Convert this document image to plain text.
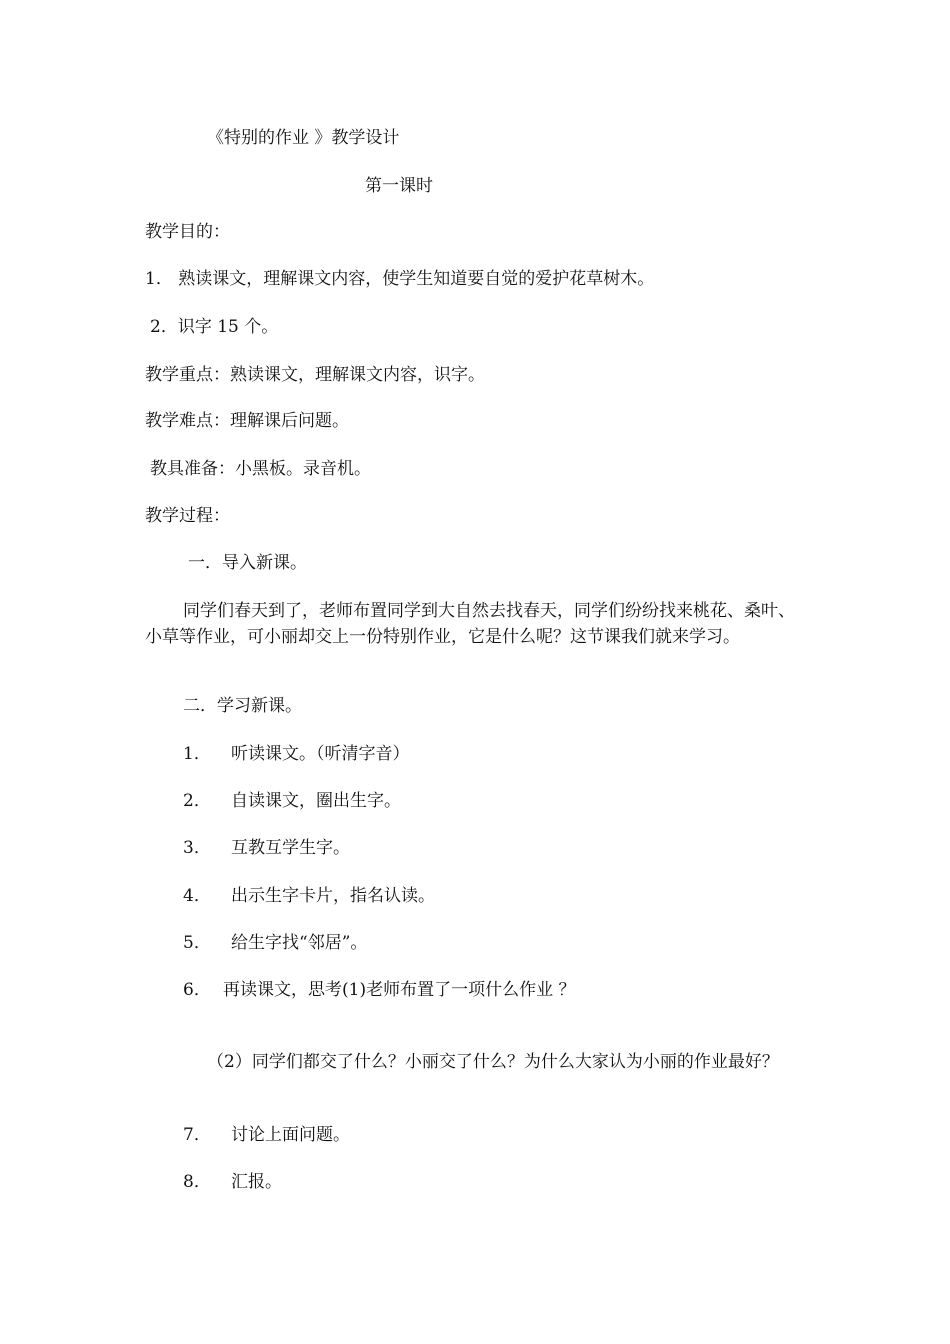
《特别的作业 》教学设计
第一课时
教学目的：
1． 熟读课文，理解课文内容，使学生知道要自觉的爱护花草树木。
2．识字 15 个。
教学重点：熟读课文，理解课文内容，识字。
教学难点：理解课后问题。
教具准备：小黑板。录音机。
教学过程：
一．导入新课。
同学们春天到了，老师布置同学到大自然去找春天，同学们纷纷找来桃花、桑叶、小草等作业，可小丽却交上一份特别作业，它是什么呢？这节课我们就来学习。
二．学习新课。
1． 听读课文。（听清字音）
2． 自读课文，圈出生字。
3． 互教互学生字。
4． 出示生字卡片，指名认读。
5． 给生字找“邻居”。
6． 再读课文，思考(1)老师布置了一项什么作业 ？
（2）同学们都交了什么？小丽交了什么？为什么大家认为小丽的作业最好？
7． 讨论上面问题。
8． 汇报。
